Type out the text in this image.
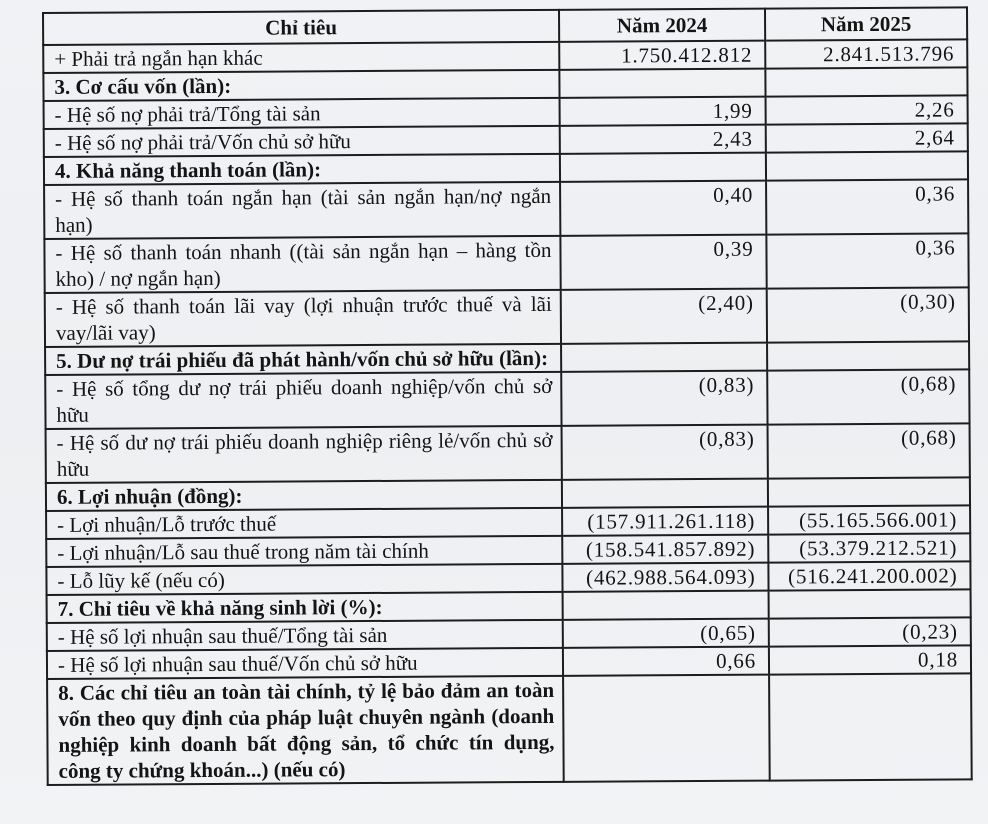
Chỉ tiêu	Năm 2024	Năm 2025
+ Phải trả ngắn hạn khác	1.750.412.812	2.841.513.796
3. Cơ cấu vốn (lần):		
- Hệ số nợ phải trả/Tổng tài sản	1,99	2,26
- Hệ số nợ phải trả/Vốn chủ sở hữu	2,43	2,64
4. Khả năng thanh toán (lần):		
- Hệ số thanh toán ngắn hạn (tài sản ngắn hạn/nợ ngắn hạn)	0,40	0,36
- Hệ số thanh toán nhanh ((tài sản ngắn hạn – hàng tồn kho) / nợ ngắn hạn)	0,39	0,36
- Hệ số thanh toán lãi vay (lợi nhuận trước thuế và lãi vay/lãi vay)	(2,40)	(0,30)
5. Dư nợ trái phiếu đã phát hành/vốn chủ sở hữu (lần):		
- Hệ số tổng dư nợ trái phiếu doanh nghiệp/vốn chủ sở hữu	(0,83)	(0,68)
- Hệ số dư nợ trái phiếu doanh nghiệp riêng lẻ/vốn chủ sở hữu	(0,83)	(0,68)
6. Lợi nhuận (đồng):		
- Lợi nhuận/Lỗ trước thuế	(157.911.261.118)	(55.165.566.001)
- Lợi nhuận/Lỗ sau thuế trong năm tài chính	(158.541.857.892)	(53.379.212.521)
- Lỗ lũy kế (nếu có)	(462.988.564.093)	(516.241.200.002)
7. Chỉ tiêu về khả năng sinh lời (%):		
- Hệ số lợi nhuận sau thuế/Tổng tài sản	(0,65)	(0,23)
- Hệ số lợi nhuận sau thuế/Vốn chủ sở hữu	0,66	0,18
8. Các chỉ tiêu an toàn tài chính, tỷ lệ bảo đảm an toàn vốn theo quy định của pháp luật chuyên ngành (doanh nghiệp kinh doanh bất động sản, tổ chức tín dụng, công ty chứng khoán...) (nếu có)		
